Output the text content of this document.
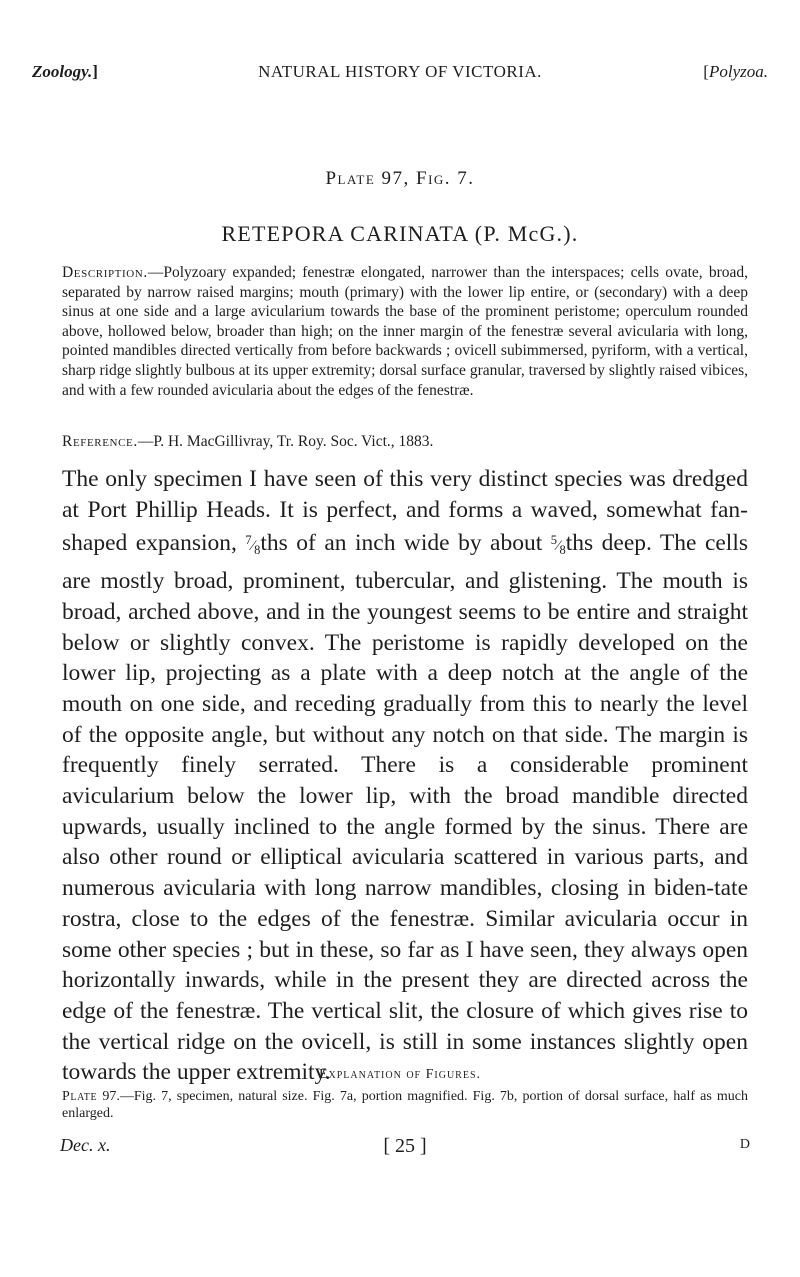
Zoology.]	NATURAL HISTORY OF VICTORIA.	[Polyzoa.
Plate 97, Fig. 7.
RETEPORA CARINATA (P. McG.).

Description.—Polyzoary expanded; fenestræ elongated, narrower than the interspaces; cells ovate, broad, separated by narrow raised margins; mouth (primary) with the lower lip entire, or (secondary) with a deep sinus at one side and a large avicularium towards the base of the prominent peristome; operculum rounded above, hollowed below, broader than high; on the inner margin of the fenestræ several avicularia with long, pointed mandibles directed vertically from before backwards ; ovicell subimmersed, pyriform, with a vertical, sharp ridge slightly bulbous at its upper extremity; dorsal surface granular, traversed by slightly raised vibices, and with a few rounded avicularia about the edges of the fenestræ.

Reference.—P. H. MacGillivray, Tr. Roy. Soc. Vict., 1883.

The only specimen I have seen of this very distinct species was dredged at Port Phillip Heads. It is perfect, and forms a waved, somewhat fan-shaped expansion, $^7⁄_8ths$ of an inch wide by about $^5⁄_8ths$ deep. The cells are mostly broad, prominent, tubercular, and glistening. The mouth is broad, arched above, and in the youngest seems to be entire and straight below or slightly convex. The peristome is rapidly developed on the lower lip, projecting as a plate with a deep notch at the angle of the mouth on one side, and receding gradually from this to nearly the level of the opposite angle, but without any notch on that side. The margin is frequently finely serrated. There is a considerable prominent avicularium below the lower lip, with the broad mandible directed upwards, usually inclined to the angle formed by the sinus. There are also other round or elliptical avicularia scattered in various parts, and numerous avicularia with long narrow mandibles, closing in biden-tate rostra, close to the edges of the fenestræ. Similar avicularia occur in some other species ; but in these, so far as I have seen, they always open horizontally inwards, while in the present they are directed across the edge of the fenestræ. The vertical slit, the closure of which gives rise to the vertical ridge on the ovicell, is still in some instances slightly open towards the upper extremity.

Explanation of Figures.

Plate 97.—Fig. 7, specimen, natural size. Fig. 7a, portion magnified. Fig. 7b, portion of dorsal surface, half as much enlarged.

Dec. x.	[ 25 ]	D
